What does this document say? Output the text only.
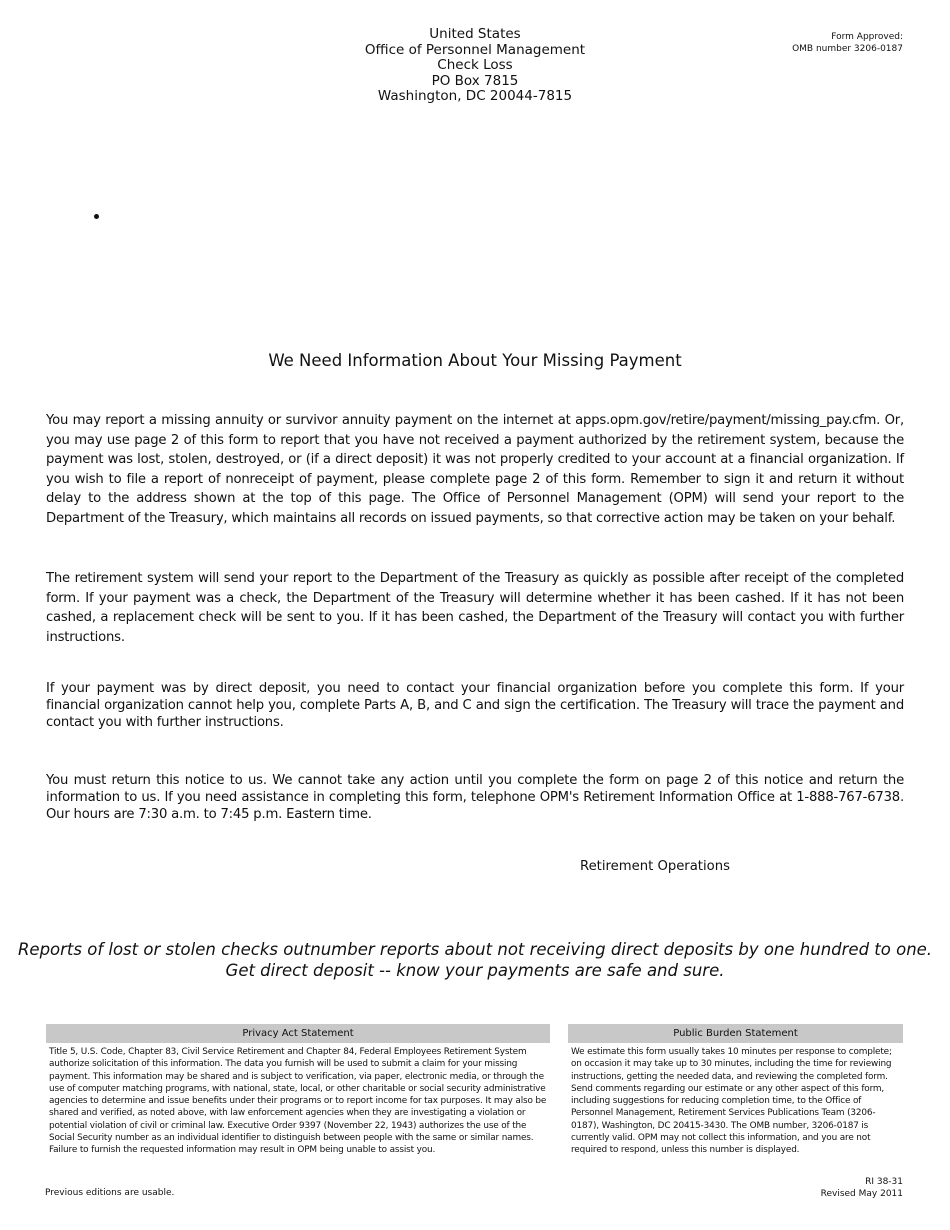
United States
Office of Personnel Management
Check Loss
PO Box 7815
Washington, DC 20044-7815
Form Approved:
OMB number 3206-0187
We Need Information About Your Missing Payment
You may report a missing annuity or survivor annuity payment on the internet at apps.opm.gov/retire/payment/missing_pay.cfm. Or, you may use page 2 of this form to report that you have not received a payment authorized by the retirement system, because the payment was lost, stolen, destroyed, or (if a direct deposit) it was not properly credited to your account at a financial organization. If you wish to file a report of nonreceipt of payment, please complete page 2 of this form. Remember to sign it and return it without delay to the address shown at the top of this page. The Office of Personnel Management (OPM) will send your report to the Department of the Treasury, which maintains all records on issued payments, so that corrective action may be taken on your behalf.
The retirement system will send your report to the Department of the Treasury as quickly as possible after receipt of the completed form. If your payment was a check, the Department of the Treasury will determine whether it has been cashed. If it has not been cashed, a replacement check will be sent to you. If it has been cashed, the Department of the Treasury will contact you with further instructions.
If your payment was by direct deposit, you need to contact your financial organization before you complete this form. If your financial organization cannot help you, complete Parts A, B, and C and sign the certification. The Treasury will trace the payment and contact you with further instructions.
You must return this notice to us. We cannot take any action until you complete the form on page 2 of this notice and return the information to us. If you need assistance in completing this form, telephone OPM's Retirement Information Office at 1-888-767-6738. Our hours are 7:30 a.m. to 7:45 p.m. Eastern time.
Retirement Operations
Reports of lost or stolen checks outnumber reports about not receiving direct deposits by one hundred to one.
Get direct deposit -- know your payments are safe and sure.
Privacy Act Statement
Title 5, U.S. Code, Chapter 83, Civil Service Retirement and Chapter 84, Federal Employees Retirement System authorize solicitation of this information. The data you furnish will be used to submit a claim for your missing payment. This information may be shared and is subject to verification, via paper, electronic media, or through the use of computer matching programs, with national, state, local, or other charitable or social security administrative agencies to determine and issue benefits under their programs or to report income for tax purposes. It may also be shared and verified, as noted above, with law enforcement agencies when they are investigating a violation or potential violation of civil or criminal law. Executive Order 9397 (November 22, 1943) authorizes the use of the Social Security number as an individual identifier to distinguish between people with the same or similar names. Failure to furnish the requested information may result in OPM being unable to assist you.
Public Burden Statement
We estimate this form usually takes 10 minutes per response to complete; on occasion it may take up to 30 minutes, including the time for reviewing instructions, getting the needed data, and reviewing the completed form. Send comments regarding our estimate or any other aspect of this form, including suggestions for reducing completion time, to the Office of Personnel Management, Retirement Services Publications Team (3206-0187), Washington, DC 20415-3430. The OMB number, 3206-0187 is currently valid. OPM may not collect this information, and you are not required to respond, unless this number is displayed.
Previous editions are usable.
RI 38-31
Revised May 2011
